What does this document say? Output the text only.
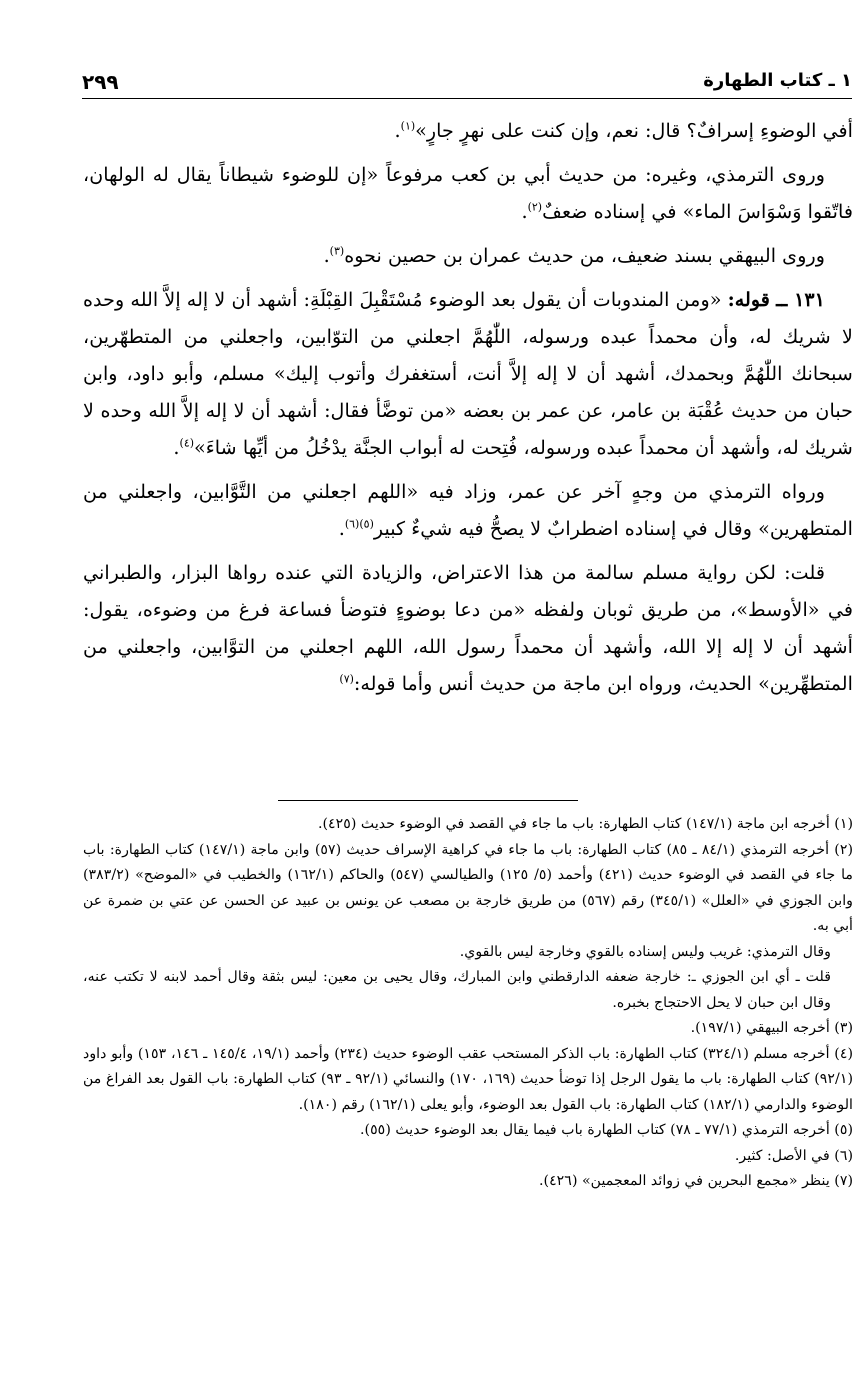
١ ـ كتاب الطهارة
٢٩٩

أفي الوضوءِ إسرافٌ؟ قال: نعم، وإن كنت على نهرٍ جارٍ»$^{(١)}$.

وروى الترمذي، وغيره: من حديث أبي بن كعب مرفوعاً «إن للوضوء شيطاناً يقال له الولهان، فاتّقوا وَسْوَاسَ الماء» في إسناده ضعفٌ$^{(٢)}$.

وروى البيهقي بسند ضعيف، من حديث عمران بن حصين نحوه$^{(٣)}$.

١٣١ ــ قوله: «ومن المندوبات أن يقول بعد الوضوء مُسْتَقْبِلَ القِبْلَةِ: أشهد أن لا إله إلاَّ الله وحده لا شريك له، وأن محمداً عبده ورسوله، اللّٰهُمَّ اجعلني من التوّابين، واجعلني من المتطهّرين، سبحانك اللّٰهُمَّ وبحمدك، أشهد أن لا إله إلاَّ أنت، أستغفرك وأتوب إليك» مسلم، وأبو داود، وابن حبان من حديث عُقْبَة بن عامر، عن عمر بن بعضه «من توضَّأ فقال: أشهد أن لا إله إلاَّ الله وحده لا شريك له، وأشهد أن محمداً عبده ورسوله، فُتِحت له أبواب الجنَّة يدْخُلُ من أيِّها شاءَ»$^{(٤)}$.

ورواه الترمذي من وجهٍ آخر عن عمر، وزاد فيه «اللهم اجعلني من التَّوَّابين، واجعلني من المتطهرين» وقال في إسناده اضطرابٌ لا يصحُّ فيه شيءٌ كبير$^{(٥)(٦)}$.

قلت: لكن رواية مسلم سالمة من هذا الاعتراض، والزيادة التي عنده رواها البزار، والطبراني في «الأوسط»، من طريق ثوبان ولفظه «من دعا بوضوءٍ فتوضأ فساعة فرغ من وضوءه، يقول: أشهد أن لا إله إلا الله، وأشهد أن محمداً رسول الله، اللهم اجعلني من التوَّابين، واجعلني من المتطهِّرين» الحديث، ورواه ابن ماجة من حديث أنس وأما قوله:$^{(٧)}$

(١) أخرجه ابن ماجة (١٤٧/١) كتاب الطهارة: باب ما جاء في القصد في الوضوء حديث (٤٢٥).

(٢) أخرجه الترمذي (٨٤/١ ـ ٨٥) كتاب الطهارة: باب ما جاء في كراهية الإسراف حديث (٥٧) وابن ماجة (١٤٧/١) كتاب الطهارة: باب ما جاء في القصد في الوضوء حديث (٤٢١) وأحمد (٥/ ١٢٥) والطيالسي (٥٤٧) والحاكم (١٦٢/١) والخطيب في «الموضح» (٣٨٣/٢) وابن الجوزي في «العلل» (٣٤٥/١) رقم (٥٦٧) من طريق خارجة بن مصعب عن يونس بن عبيد عن الحسن عن عتي بن ضمرة عن أبي به.

وقال الترمذي: غريب وليس إسناده بالقوي وخارجة ليس بالقوي.

قلت ـ أي ابن الجوزي ـ: خارجة ضعفه الدارقطني وابن المبارك، وقال يحيى بن معين: ليس بثقة وقال أحمد لابنه لا تكتب عنه، وقال ابن حبان لا يحل الاحتجاج بخبره.

(٣) أخرجه البيهقي (١٩٧/١).

(٤) أخرجه مسلم (٣٢٤/١) كتاب الطهارة: باب الذكر المستحب عقب الوضوء حديث (٢٣٤) وأحمد (١٩/١، ١٤٥/٤ ـ ١٤٦، ١٥٣) وأبو داود (٩٢/١) كتاب الطهارة: باب ما يقول الرجل إذا توضأ حديث (١٦٩، ١٧٠) والنسائي (٩٢/١ ـ ٩٣) كتاب الطهارة: باب القول بعد الفراغ من الوضوء والدارمي (١٨٢/١) كتاب الطهارة: باب القول بعد الوضوء، وأبو يعلى (١٦٢/١) رقم (١٨٠).

(٥) أخرجه الترمذي (٧٧/١ ـ ٧٨) كتاب الطهارة باب فيما يقال بعد الوضوء حديث (٥٥).

(٦) في الأصل: كثير.

(٧) ينظر «مجمع البحرين في زوائد المعجمين» (٤٢٦).
